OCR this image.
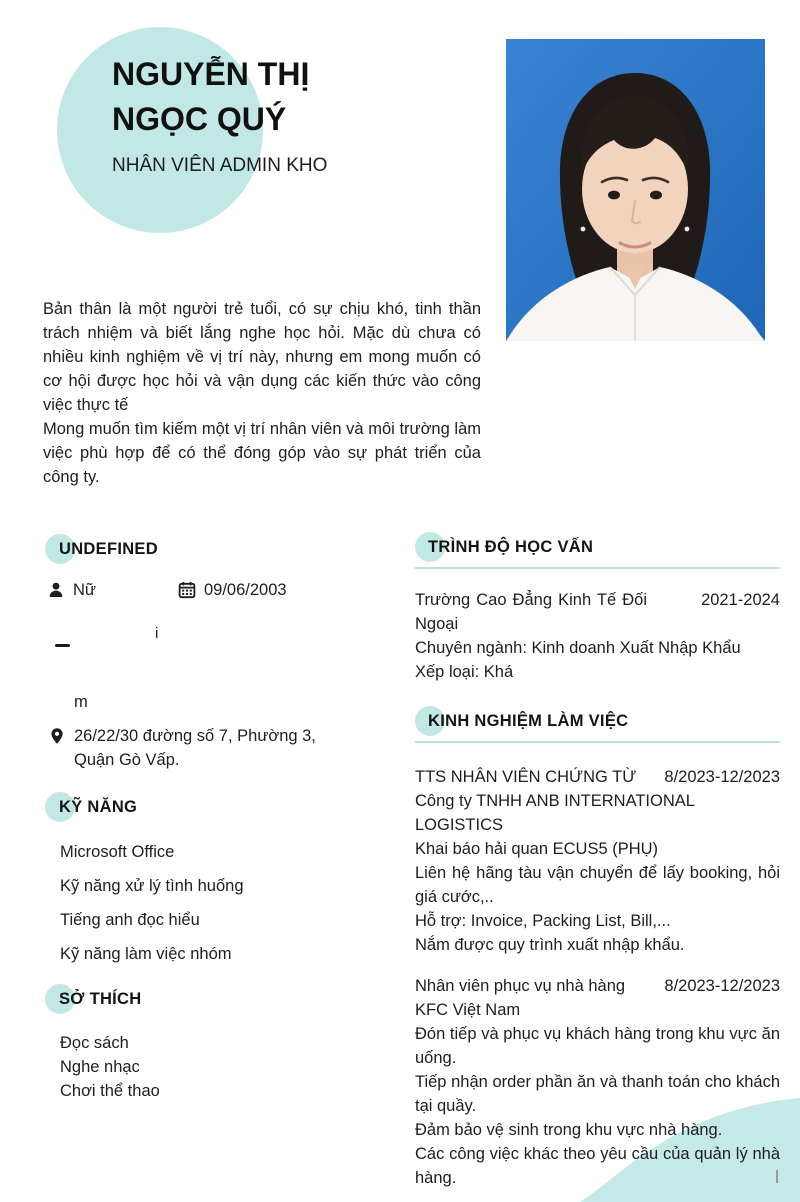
NGUYỄN THỊ NGỌC QUÝ
NHÂN VIÊN ADMIN KHO

Bản thân là một người trẻ tuổi, có sự chịu khó, tinh thần trách nhiệm và biết lắng nghe học hỏi. Mặc dù chưa có nhiều kinh nghiệm về vị trí này, nhưng em mong muốn có cơ hội được học hỏi và vận dụng các kiến thức vào công việc thực tế

Mong muốn tìm kiếm một vị trí nhân viên và môi trường làm việc phù hợp để có thể đóng góp vào sự phát triển của công ty.

UNDEFINED
Nữ	09/06/2003
i
m
26/22/30 đường số 7, Phường 3, Quận Gò Vấp.
KỸ NĂNG
Microsoft Office
Kỹ năng xử lý tình huống
Tiếng anh đọc hiểu
Kỹ năng làm việc nhóm
SỞ THÍCH
Đọc sách
Nghe nhạc
Chơi thể thao
TRÌNH ĐỘ HỌC VẤN
Trường Cao Đẳng Kinh Tế Đối Ngoại
2021-2024
Chuyên ngành: Kinh doanh Xuất Nhập Khẩu
Xếp loại: Khá
KINH NGHIỆM LÀM VIỆC
TTS NHÂN VIÊN CHỨNG TỪ 8/2023-12/2023
Công ty TNHH ANB INTERNATIONAL LOGISTICS
Khai báo hải quan ECUS5 (PHỤ)
Liên hệ hãng tàu vận chuyển để lấy booking, hỏi giá cước,..
Hỗ trợ: Invoice, Packing List, Bill,...
Nắm được quy trình xuất nhập khẩu.
Nhân viên phục vụ nhà hàng 8/2023-12/2023
KFC Việt Nam
Đón tiếp và phục vụ khách hàng trong khu vực ăn uống.
Tiếp nhận order phần ăn và thanh toán cho khách tại quầy.
Đảm bảo vệ sinh trong khu vực nhà hàng.
Các công việc khác theo yêu cầu của quản lý nhà hàng.
